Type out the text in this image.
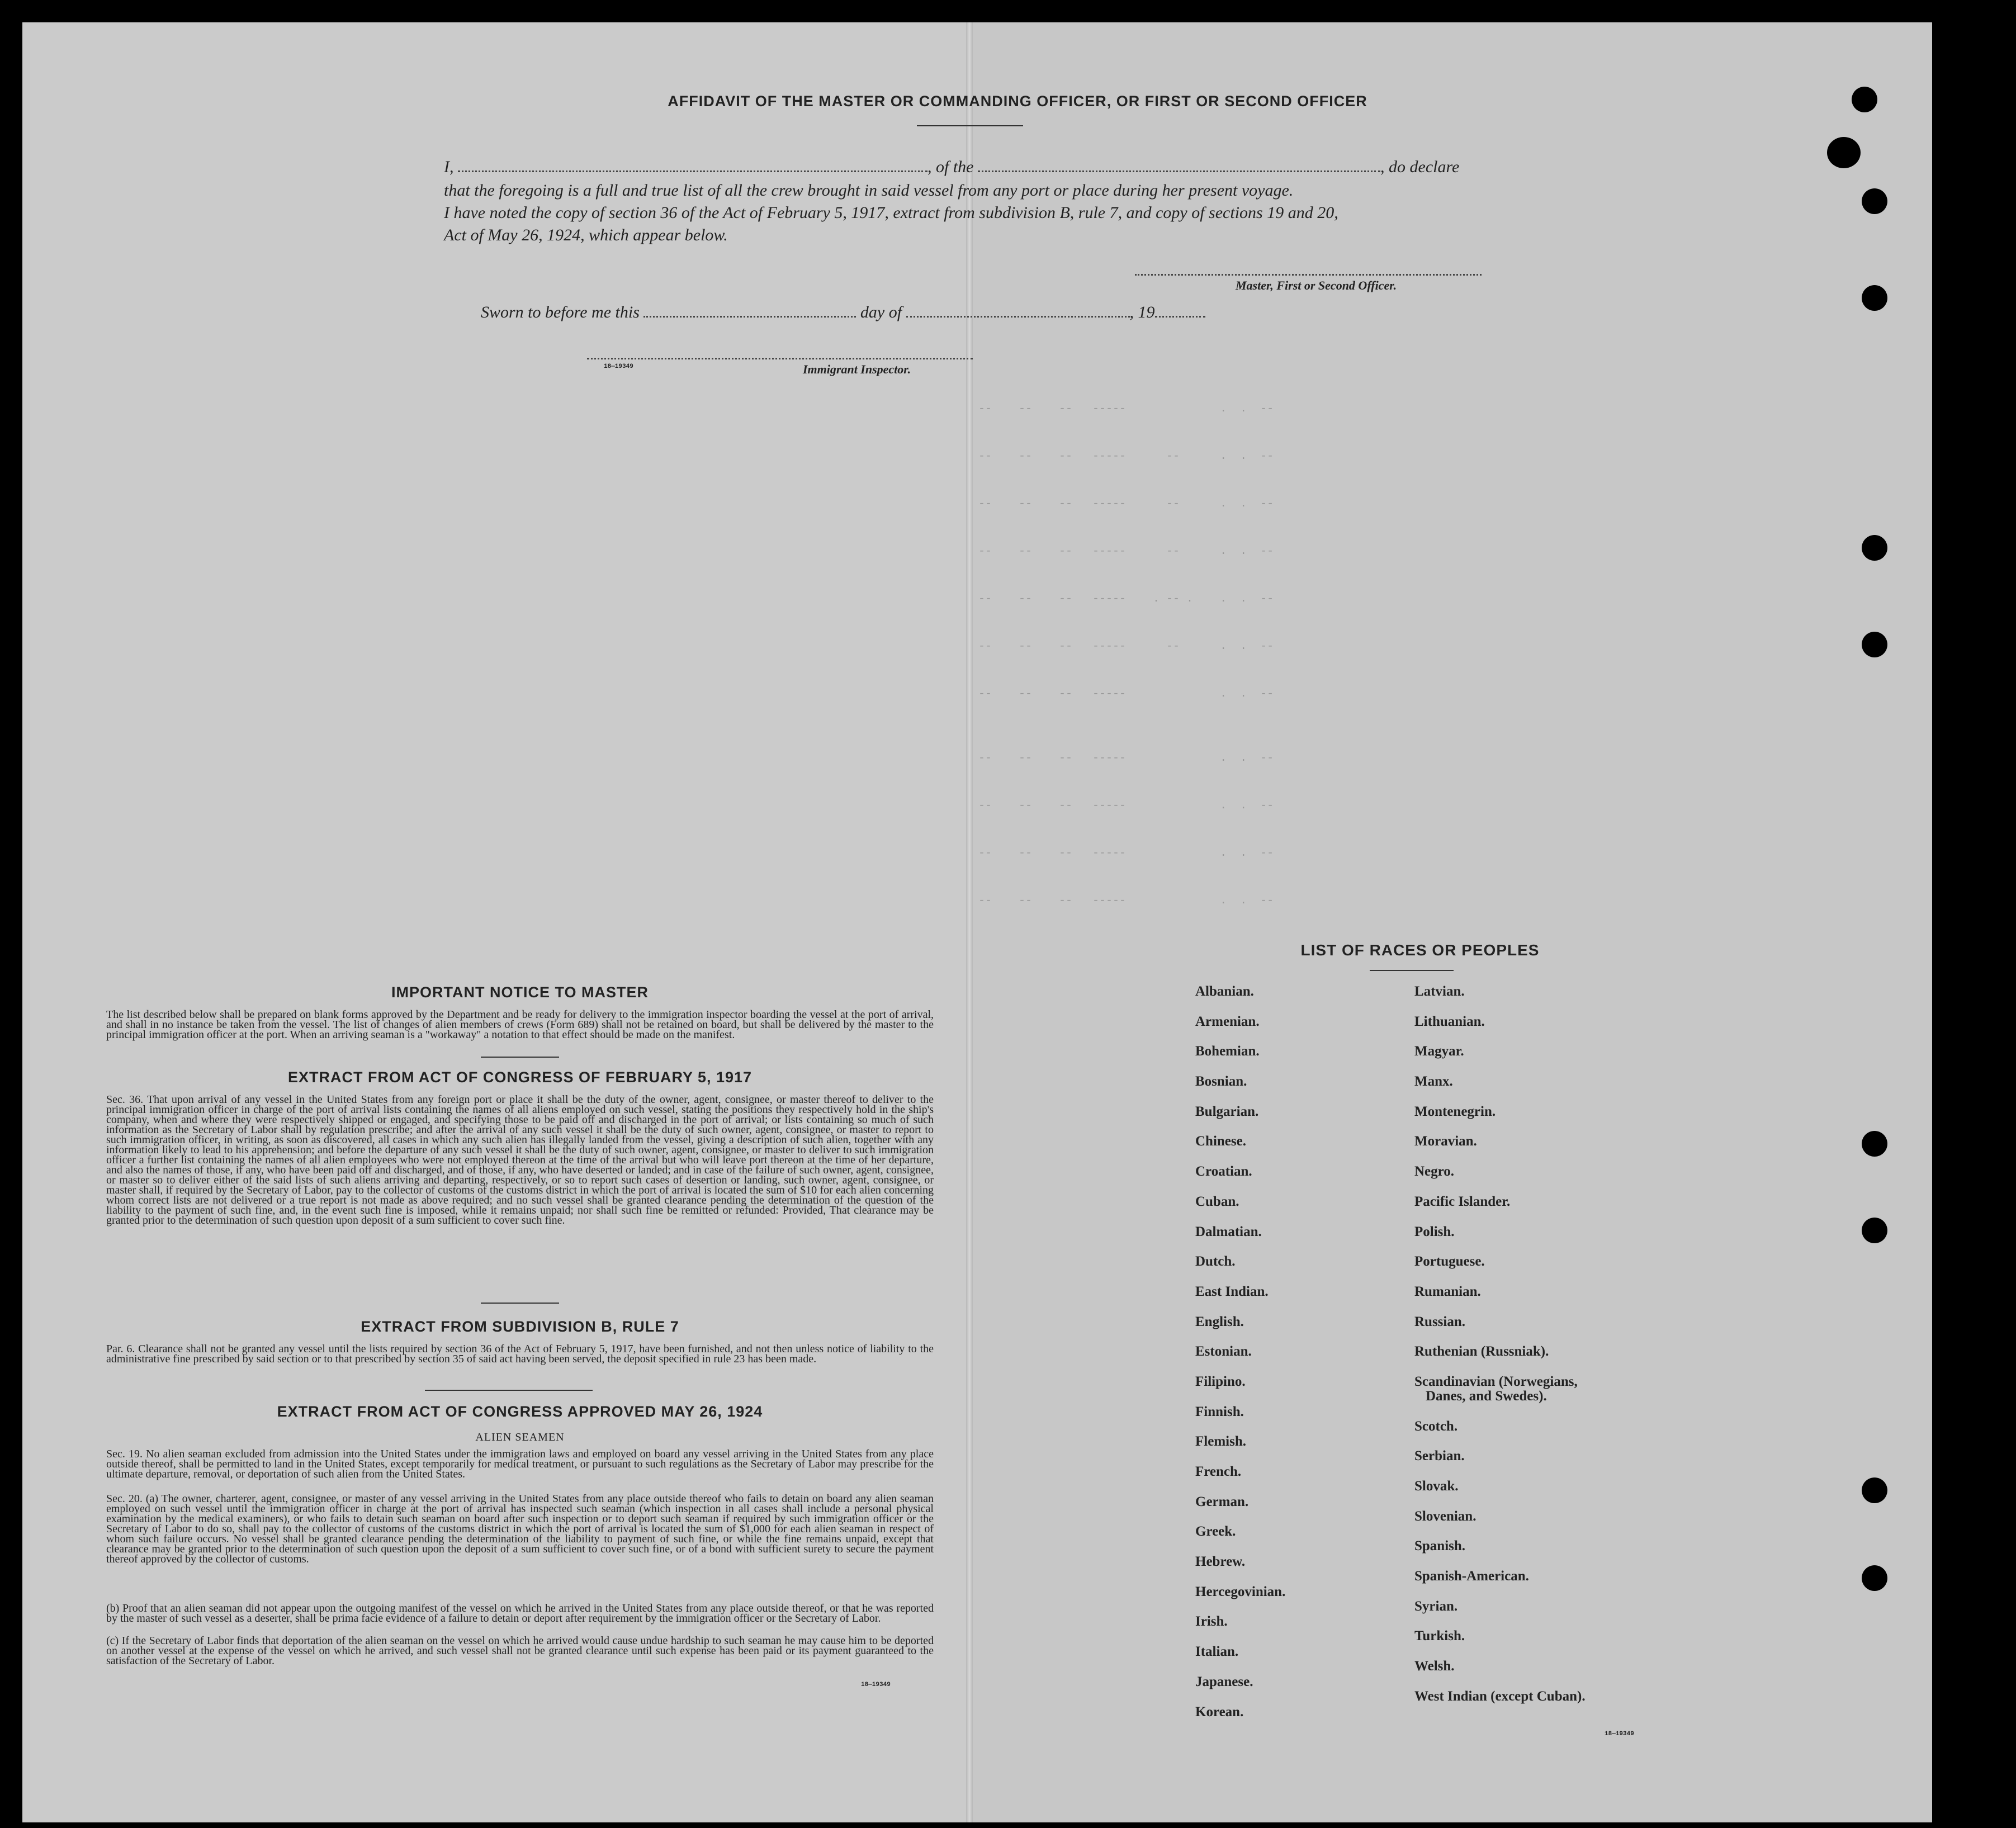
AFFIDAVIT OF THE MASTER OR COMMANDING OFFICER, OR FIRST OR SECOND OFFICER
I,	, of the	, do declare
that the foregoing is a full and true list of all the crew brought in said vessel from any port or place during her present voyage.
I have noted the copy of section 36 of the Act of February 5, 1917, extract from subdivision B, rule 7, and copy of sections 19 and 20,
Act of May 26, 1924, which appear below.
Master, First or Second Officer.
Sworn to before me this	day of	, 19
18—19349	Immigrant Inspector.
--    --    --   -----              .  .  --
--    --    --   -----      --      .  .  --
--    --    --   -----      --      .  .  --
--    --    --   -----      --      .  .  --
--    --    --   -----    . -- .    .  .  --
--    --    --   -----      --      .  .  --
--    --    --   -----              .  .  --
--    --    --   -----              .  .  --
--    --    --   -----              .  .  --
--    --    --   -----              .  .  --
--    --    --   -----              .  .  --
IMPORTANT NOTICE TO MASTER
The list described below shall be prepared on blank forms approved by the Department and be ready for delivery to the immigration inspector boarding the vessel at the port of arrival, and shall in no instance be taken from the vessel. The list of changes of alien members of crews (Form 689) shall not be retained on board, but shall be delivered by the master to the principal immigration officer at the port. When an arriving seaman is a "workaway" a notation to that effect should be made on the manifest.
EXTRACT FROM ACT OF CONGRESS OF FEBRUARY 5, 1917
Sec. 36. That upon arrival of any vessel in the United States from any foreign port or place it shall be the duty of the owner, agent, consignee, or master thereof to deliver to the principal immigration officer in charge of the port of arrival lists containing the names of all aliens employed on such vessel, stating the positions they respectively hold in the ship's company, when and where they were respectively shipped or engaged, and specifying those to be paid off and discharged in the port of arrival; or lists containing so much of such information as the Secretary of Labor shall by regulation prescribe; and after the arrival of any such vessel it shall be the duty of such owner, agent, consignee, or master to report to such immigration officer, in writing, as soon as discovered, all cases in which any such alien has illegally landed from the vessel, giving a description of such alien, together with any information likely to lead to his apprehension; and before the departure of any such vessel it shall be the duty of such owner, agent, consignee, or master to deliver to such immigration officer a further list containing the names of all alien employees who were not employed thereon at the time of the arrival but who will leave port thereon at the time of her departure, and also the names of those, if any, who have been paid off and discharged, and of those, if any, who have deserted or landed; and in case of the failure of such owner, agent, consignee, or master so to deliver either of the said lists of such aliens arriving and departing, respectively, or so to report such cases of desertion or landing, such owner, agent, consignee, or master shall, if required by the Secretary of Labor, pay to the collector of customs of the customs district in which the port of arrival is located the sum of $10 for each alien concerning whom correct lists are not delivered or a true report is not made as above required; and no such vessel shall be granted clearance pending the determination of the question of the liability to the payment of such fine, and, in the event such fine is imposed, while it remains unpaid; nor shall such fine be remitted or refunded: Provided, That clearance may be granted prior to the determination of such question upon deposit of a sum sufficient to cover such fine.
EXTRACT FROM SUBDIVISION B, RULE 7
Par. 6. Clearance shall not be granted any vessel until the lists required by section 36 of the Act of February 5, 1917, have been furnished, and not then unless notice of liability to the administrative fine prescribed by said section or to that prescribed by section 35 of said act having been served, the deposit specified in rule 23 has been made.
EXTRACT FROM ACT OF CONGRESS APPROVED MAY 26, 1924
ALIEN SEAMEN
Sec. 19. No alien seaman excluded from admission into the United States under the immigration laws and employed on board any vessel arriving in the United States from any place outside thereof, shall be permitted to land in the United States, except temporarily for medical treatment, or pursuant to such regulations as the Secretary of Labor may prescribe for the ultimate departure, removal, or deportation of such alien from the United States.
Sec. 20. (a) The owner, charterer, agent, consignee, or master of any vessel arriving in the United States from any place outside thereof who fails to detain on board any alien seaman employed on such vessel until the immigration officer in charge at the port of arrival has inspected such seaman (which inspection in all cases shall include a personal physical examination by the medical examiners), or who fails to detain such seaman on board after such inspection or to deport such seaman if required by such immigration officer or the Secretary of Labor to do so, shall pay to the collector of customs of the customs district in which the port of arrival is located the sum of $1,000 for each alien seaman in respect of whom such failure occurs. No vessel shall be granted clearance pending the determination of the liability to payment of such fine, or while the fine remains unpaid, except that clearance may be granted prior to the determination of such question upon the deposit of a sum sufficient to cover such fine, or of a bond with sufficient surety to secure the payment thereof approved by the collector of customs.
(b) Proof that an alien seaman did not appear upon the outgoing manifest of the vessel on which he arrived in the United States from any place outside thereof, or that he was reported by the master of such vessel as a deserter, shall be prima facie evidence of a failure to detain or deport after requirement by the immigration officer or the Secretary of Labor.
(c) If the Secretary of Labor finds that deportation of the alien seaman on the vessel on which he arrived would cause undue hardship to such seaman he may cause him to be deported on another vessel at the expense of the vessel on which he arrived, and such vessel shall not be granted clearance until such expense has been paid or its payment guaranteed to the satisfaction of the Secretary of Labor.
18—19349
LIST OF RACES OR PEOPLES
Albanian.
Armenian.
Bohemian.
Bosnian.
Bulgarian.
Chinese.
Croatian.
Cuban.
Dalmatian.
Dutch.
East Indian.
English.
Estonian.
Filipino.
Finnish.
Flemish.
French.
German.
Greek.
Hebrew.
Hercegovinian.
Irish.
Italian.
Japanese.
Korean.
Latvian.
Lithuanian.
Magyar.
Manx.
Montenegrin.
Moravian.
Negro.
Pacific Islander.
Polish.
Portuguese.
Rumanian.
Russian.
Ruthenian (Russniak).
Scandinavian (Norwegians,
Danes, and Swedes).
Scotch.
Serbian.
Slovak.
Slovenian.
Spanish.
Spanish-American.
Syrian.
Turkish.
Welsh.
West Indian (except Cuban).
18—19349
